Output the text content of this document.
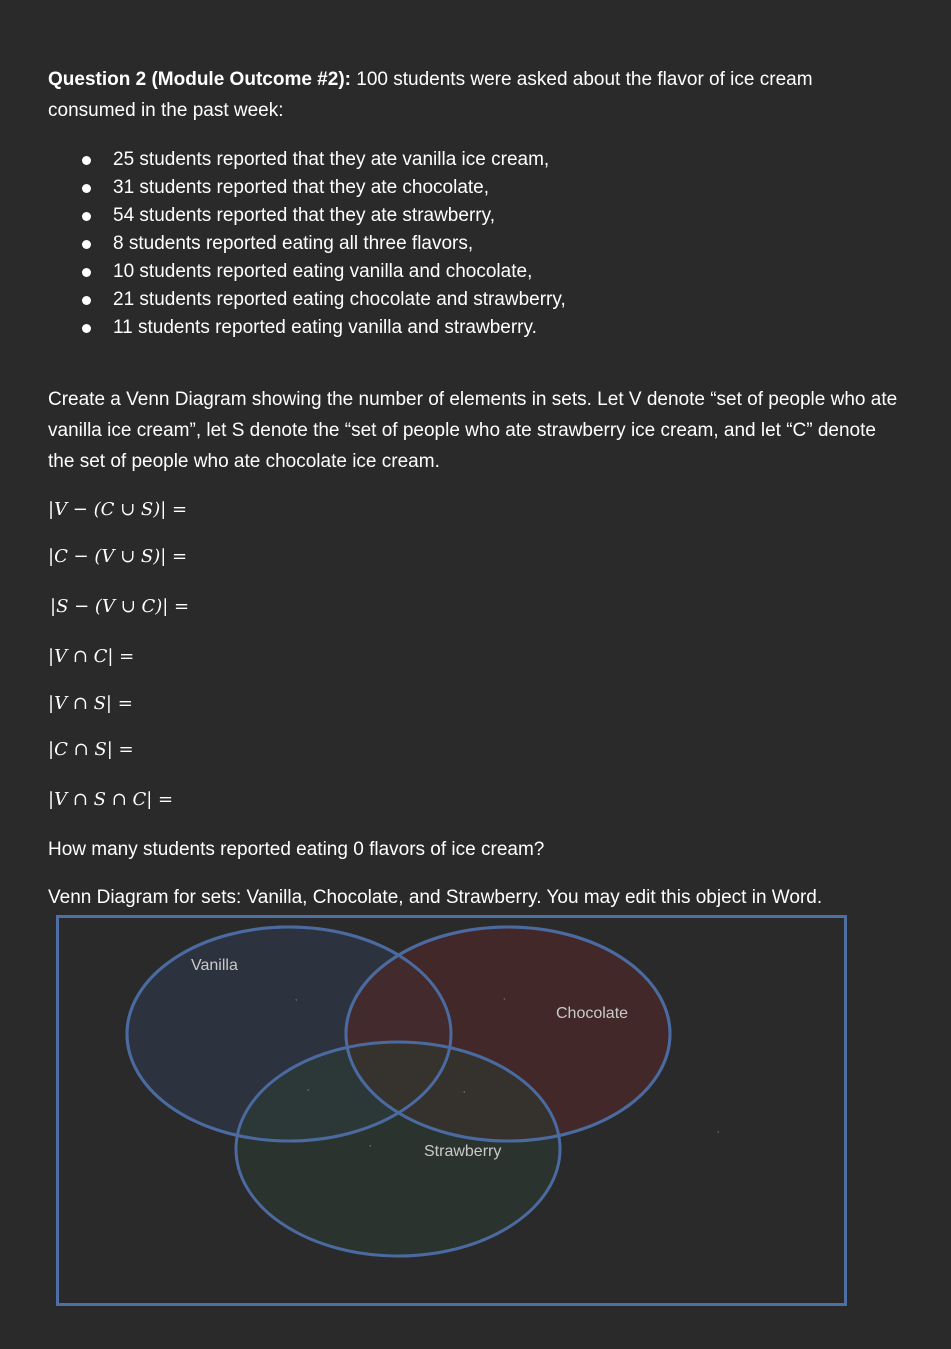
Question 2 (Module Outcome #2): 100 students were asked about the flavor of ice cream consumed in the past week:
25 students reported that they ate vanilla ice cream,
31 students reported that they ate chocolate,
54 students reported that they ate strawberry,
8 students reported eating all three flavors,
10 students reported eating vanilla and chocolate,
21 students reported eating chocolate and strawberry,
11 students reported eating vanilla and strawberry.
Create a Venn Diagram showing the number of elements in sets. Let V denote “set of people who ate vanilla ice cream”, let S denote the “set of people who ate strawberry ice cream, and let “C” denote the set of people who ate chocolate ice cream.
|V − (C ∪ S)| =
|C − (V ∪ S)| =
|S − (V ∪ C)| =
|V ∩ C| =
|V ∩ S| =
|C ∩ S| =
|V ∩ S ∩ C| =
How many students reported eating 0 flavors of ice cream?
Venn Diagram for sets: Vanilla, Chocolate, and Strawberry. You may edit this object in Word.
Vanilla
Chocolate
Strawberry
,	,
,	,
,
,
